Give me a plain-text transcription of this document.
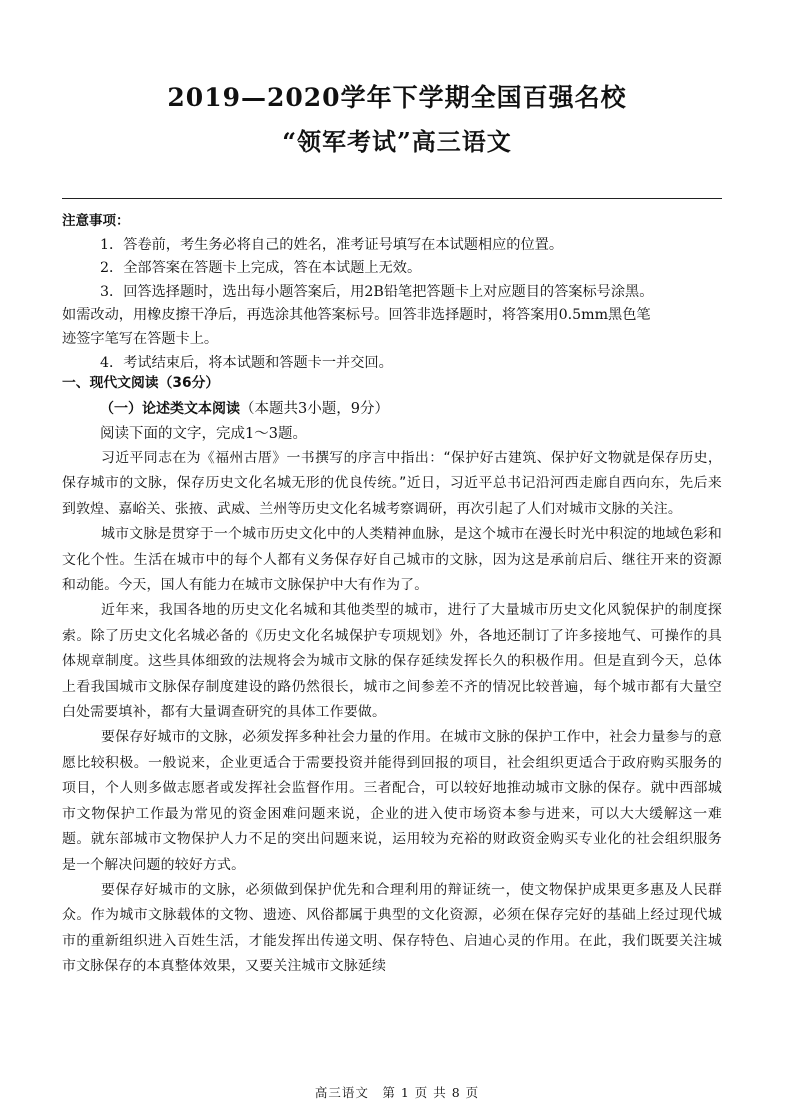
2019—2020学年下学期全国百强名校
“领军考试”高三语文

注意事项：

1．答卷前，考生务必将自己的姓名，准考证号填写在本试题相应的位置。

2．全部答案在答题卡上完成，答在本试题上无效。

3．回答选择题时，选出每小题答案后，用2B铅笔把答题卡上对应题目的答案标号涂黑。如需改动，用橡皮擦干净后，再选涂其他答案标号。回答非选择题时，将答案用0.5mm黑色笔迹签字笔写在答题卡上。

4．考试结束后，将本试题和答题卡一并交回。

一、现代文阅读（36分）
（一）论述类文本阅读（本题共3小题，9分）
阅读下面的文字，完成1～3题。

习近平同志在为《福州古厝》一书撰写的序言中指出：“保护好古建筑、保护好文物就是保存历史，保存城市的文脉，保存历史文化名城无形的优良传统。”近日，习近平总书记沿河西走廊自西向东，先后来到敦煌、嘉峪关、张掖、武威、兰州等历史文化名城考察调研，再次引起了人们对城市文脉的关注。

城市文脉是贯穿于一个城市历史文化中的人类精神血脉，是这个城市在漫长时光中积淀的地域色彩和文化个性。生活在城市中的每个人都有义务保存好自己城市的文脉，因为这是承前启后、继往开来的资源和动能。今天，国人有能力在城市文脉保护中大有作为了。

近年来，我国各地的历史文化名城和其他类型的城市，进行了大量城市历史文化风貌保护的制度探索。除了历史文化名城必备的《历史文化名城保护专项规划》外，各地还制订了许多接地气、可操作的具体规章制度。这些具体细致的法规将会为城市文脉的保存延续发挥长久的积极作用。但是直到今天，总体上看我国城市文脉保存制度建设的路仍然很长，城市之间参差不齐的情况比较普遍，每个城市都有大量空白处需要填补，都有大量调查研究的具体工作要做。

要保存好城市的文脉，必须发挥多种社会力量的作用。在城市文脉的保护工作中，社会力量参与的意愿比较积极。一般说来，企业更适合于需要投资并能得到回报的项目，社会组织更适合于政府购买服务的项目，个人则多做志愿者或发挥社会监督作用。三者配合，可以较好地推动城市文脉的保存。就中西部城市文物保护工作最为常见的资金困难问题来说，企业的进入使市场资本参与进来，可以大大缓解这一难题。就东部城市文物保护人力不足的突出问题来说，运用较为充裕的财政资金购买专业化的社会组织服务是一个解决问题的较好方式。

要保存好城市的文脉，必须做到保护优先和合理利用的辩证统一，使文物保护成果更多惠及人民群众。作为城市文脉载体的文物、遗迹、风俗都属于典型的文化资源，必须在保存完好的基础上经过现代城市的重新组织进入百姓生活，才能发挥出传递文明、保存特色、启迪心灵的作用。在此，我们既要关注城市文脉保存的本真整体效果，又要关注城市文脉延续

高三语文　第 1 页 共 8 页
